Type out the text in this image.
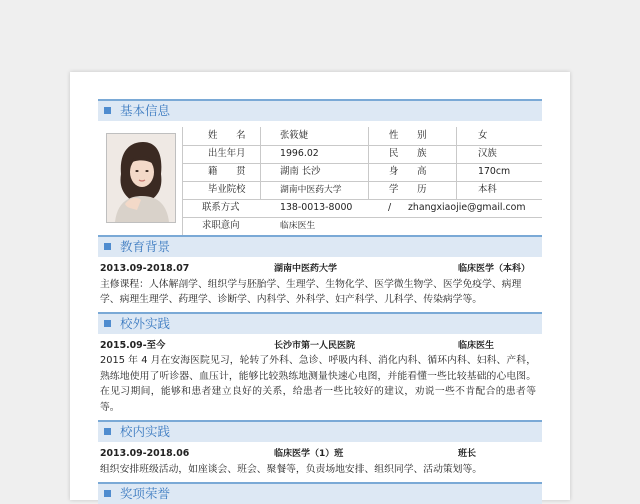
基本信息
姓　　名	张筱婕	性　　别	女
出生年月	1996.02	民　　族	汉族
籍　　贯	湖南 长沙	身　　高	170cm
毕业院校	湖南中医药大学	学　　历	本科
联系方式	138-0013-8000	/ zhangxiaojie@gmail.com
求职意向	临床医生
教育背景
2013.09-2018.07	湖南中医药大学	临床医学（本科）
主修课程：人体解剖学、组织学与胚胎学、生理学、生物化学、医学微生物学、医学免疫学、病理
学、病理生理学、药理学、诊断学、内科学、外科学、妇产科学、儿科学、传染病学等。
校外实践
2015.09-至今	长沙市第一人民医院	临床医生
2015 年 4 月在安海医院见习，轮转了外科、急诊、呼吸内科、消化内科、循环内科、妇科、产科，熟练地使用了听诊器、血压计，能够比较熟练地测量快速心电图，并能看懂一些比较基础的心电图。在见习期间，能够和患者建立良好的关系，给患者一些比较好的建议，劝说一些不肯配合的患者等等。
校内实践
2013.09-2018.06	临床医学（1）班	班长
组织安排班级活动，如座谈会、班会、聚餐等，负责场地安排、组织同学、活动策划等。
奖项荣誉
